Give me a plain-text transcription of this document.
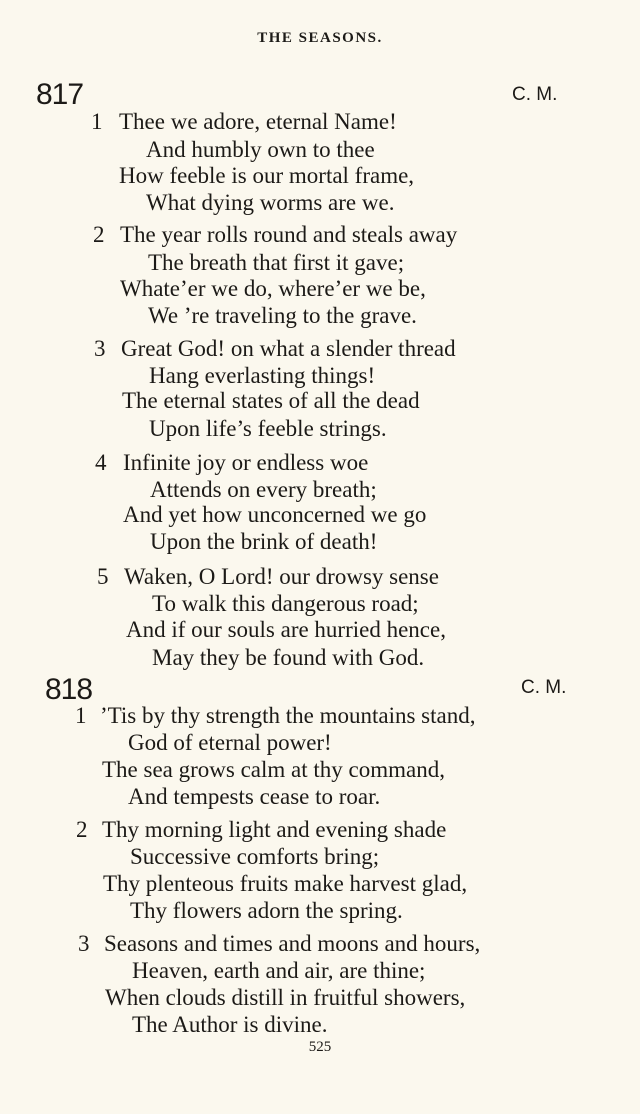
THE SEASONS.
817	C. M.
1 Thee we adore, eternal Name!
And humbly own to thee
How feeble is our mortal frame,
What dying worms are we.
2 The year rolls round and steals away
The breath that first it gave;
Whate’er we do, where’er we be,
We ’re traveling to the grave.
3 Great God! on what a slender thread
Hang everlasting things!
The eternal states of all the dead
Upon life’s feeble strings.
4 Infinite joy or endless woe
Attends on every breath;
And yet how unconcerned we go
Upon the brink of death!
5 Waken, O Lord! our drowsy sense
To walk this dangerous road;
And if our souls are hurried hence,
May they be found with God.
818	C. M.
1 ’Tis by thy strength the mountains stand,
God of eternal power!
The sea grows calm at thy command,
And tempests cease to roar.
2 Thy morning light and evening shade
Successive comforts bring;
Thy plenteous fruits make harvest glad,
Thy flowers adorn the spring.
3 Seasons and times and moons and hours,
Heaven, earth and air, are thine;
When clouds distill in fruitful showers,
The Author is divine.
525
